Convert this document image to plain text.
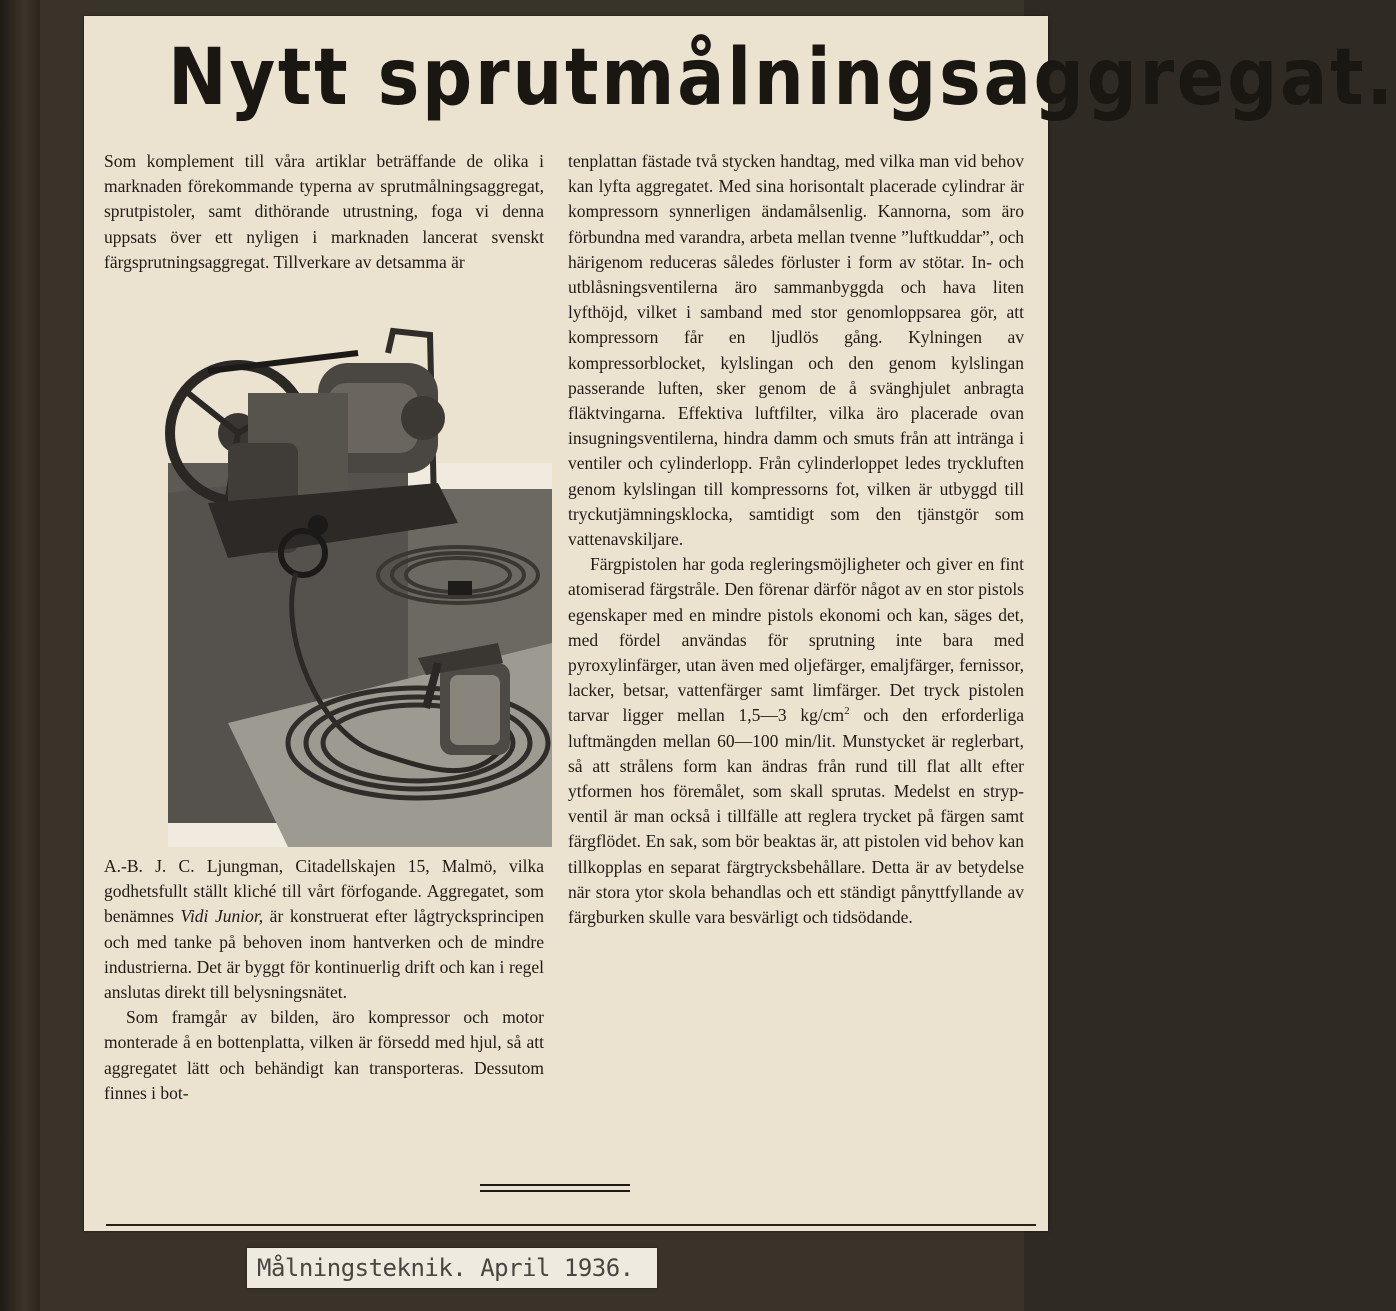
Nytt sprutmålningsaggregat.

Som komplement till våra artiklar beträffande de olika i marknaden förekommande typerna av sprutmålningsaggregat, sprutpistoler, samt dithörande utrustning, foga vi denna uppsats över ett nyligen i marknaden lancerat svenskt färgsprutningsaggregat. Tillverkare av detsamma är

A.-B. J. C. Ljungman, Citadellskajen 15, Malmö, vilka godhetsfullt ställt kliché till vårt förfogande. Aggregatet, som benämnes Vidi Junior, är konstruerat efter lågtrycksprincipen och med tanke på behoven inom hantverken och de mindre industrierna. Det är byggt för kontinuerlig drift och kan i regel anslutas direkt till belysningsnätet.

Som framgår av bilden, äro kompressor och motor monterade å en bottenplatta, vilken är försedd med hjul, så att aggregatet lätt och behändigt kan transporteras. Dessutom finnes i bot-

tenplattan fästade två stycken handtag, med vilka man vid behov kan lyfta aggregatet. Med sina horisontalt placerade cylindrar är kompressorn synnerligen ändamålsenlig. Kannorna, som äro förbundna med varandra, arbeta mellan tvenne ”luftkuddar”, och härigenom reduceras således förluster i form av stötar. In- och utblåsningsventilerna äro sammanbyggda och hava liten lyfthöjd, vilket i samband med stor genomloppsarea gör, att kompressorn får en ljudlös gång. Kylningen av kompressorblocket, kylslingan och den genom kylslingan passerande luften, sker genom de å svänghjulet anbragta fläktvingarna. Effektiva luftfilter, vilka äro placerade ovan insugningsventilerna, hindra damm och smuts från att intränga i ventiler och cylinderlopp. Från cylinderloppet ledes tryckluften genom kylslingan till kompressorns fot, vilken är utbyggd till tryckutjämningsklocka, samtidigt som den tjänstgör som vattenavskiljare.

Färgpistolen har goda regleringsmöjligheter och giver en fint atomiserad färgstråle. Den förenar därför något av en stor pistols egenskaper med en mindre pistols ekonomi och kan, säges det, med fördel användas för sprutning inte bara med pyroxylinfärger, utan även med oljefärger, emaljfärger, fernissor, lacker, betsar, vattenfärger samt limfärger. Det tryck pistolen tarvar ligger mellan 1,5—3 $kg/cm^2$ och den erforderliga luftmängden mellan 60—100 min/lit. Munstycket är reglerbart, så att strålens form kan ändras från rund till flat allt efter ytformen hos föremålet, som skall sprutas. Medelst en stryp-ventil är man också i tillfälle att reglera trycket på färgen samt färgflödet. En sak, som bör beaktas är, att pistolen vid behov kan tillkopplas en separat färgtrycksbehållare. Detta är av betydelse när stora ytor skola behandlas och ett ständigt pånyttfyllande av färgburken skulle vara besvärligt och tidsödande.

Målningsteknik. April 1936.
